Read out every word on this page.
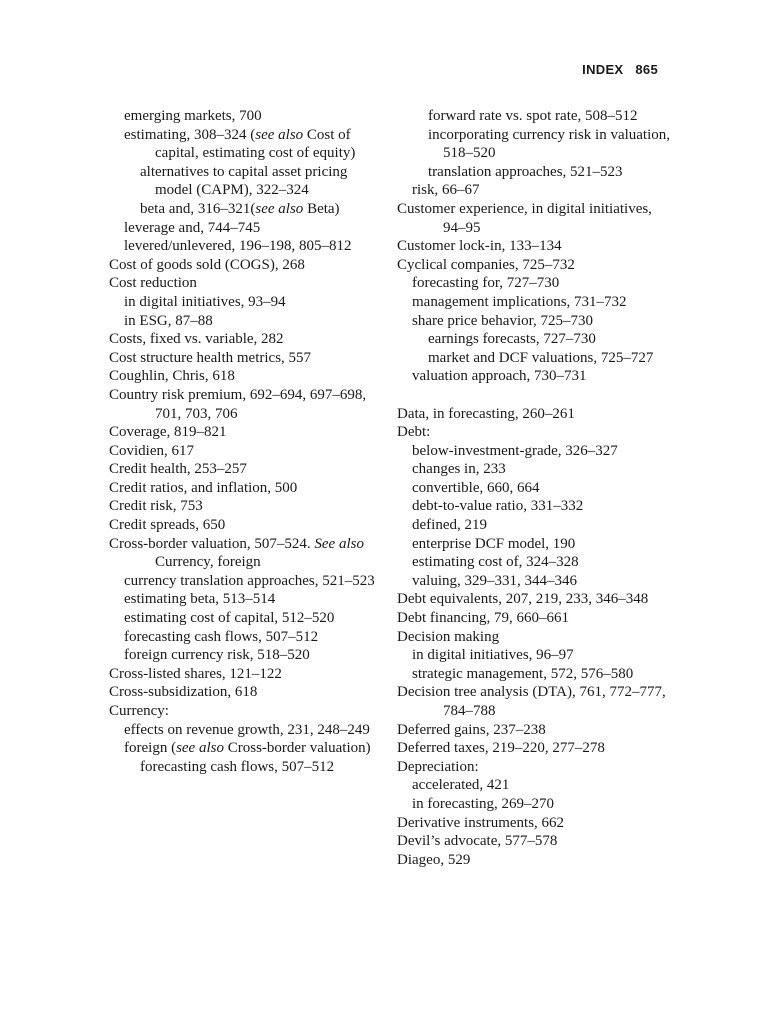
INDEX 865
emerging markets, 700
estimating, 308–324 (see also Cost of capital, estimating cost of equity)
alternatives to capital asset pricing model (CAPM), 322–324
beta and, 316–321(see also Beta)
leverage and, 744–745
levered/unlevered, 196–198, 805–812
Cost of goods sold (COGS), 268
Cost reduction
in digital initiatives, 93–94
in ESG, 87–88
Costs, fixed vs. variable, 282
Cost structure health metrics, 557
Coughlin, Chris, 618
Country risk premium, 692–694, 697–698, 701, 703, 706
Coverage, 819–821
Covidien, 617
Credit health, 253–257
Credit ratios, and inflation, 500
Credit risk, 753
Credit spreads, 650
Cross-border valuation, 507–524. See also Currency, foreign
currency translation approaches, 521–523
estimating beta, 513–514
estimating cost of capital, 512–520
forecasting cash flows, 507–512
foreign currency risk, 518–520
Cross-listed shares, 121–122
Cross-subsidization, 618
Currency:
effects on revenue growth, 231, 248–249
foreign (see also Cross-border valuation)
forecasting cash flows, 507–512
forward rate vs. spot rate, 508–512
incorporating currency risk in valuation, 518–520
translation approaches, 521–523
risk, 66–67
Customer experience, in digital initiatives, 94–95
Customer lock-in, 133–134
Cyclical companies, 725–732
forecasting for, 727–730
management implications, 731–732
share price behavior, 725–730
earnings forecasts, 727–730
market and DCF valuations, 725–727
valuation approach, 730–731
Data, in forecasting, 260–261
Debt:
below-investment-grade, 326–327
changes in, 233
convertible, 660, 664
debt-to-value ratio, 331–332
defined, 219
enterprise DCF model, 190
estimating cost of, 324–328
valuing, 329–331, 344–346
Debt equivalents, 207, 219, 233, 346–348
Debt financing, 79, 660–661
Decision making
in digital initiatives, 96–97
strategic management, 572, 576–580
Decision tree analysis (DTA), 761, 772–777, 784–788
Deferred gains, 237–238
Deferred taxes, 219–220, 277–278
Depreciation:
accelerated, 421
in forecasting, 269–270
Derivative instruments, 662
Devil’s advocate, 577–578
Diageo, 529
